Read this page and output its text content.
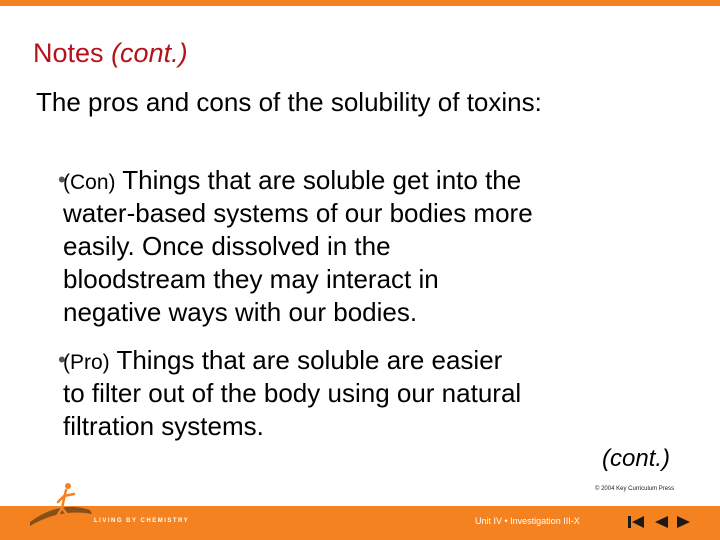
Notes (cont.)
The pros and cons of the solubility of toxins:
•
(Con) Things that are soluble get into the
water-based systems of our bodies more
easily. Once dissolved in the
bloodstream they may interact in
negative ways with our bodies.
•
(Pro) Things that are soluble are easier
to filter out of the body using our natural
filtration systems.
(cont.)
© 2004 Key Curriculum Press
LIVING BY CHEMISTRY	Unit IV • Investigation III-X
